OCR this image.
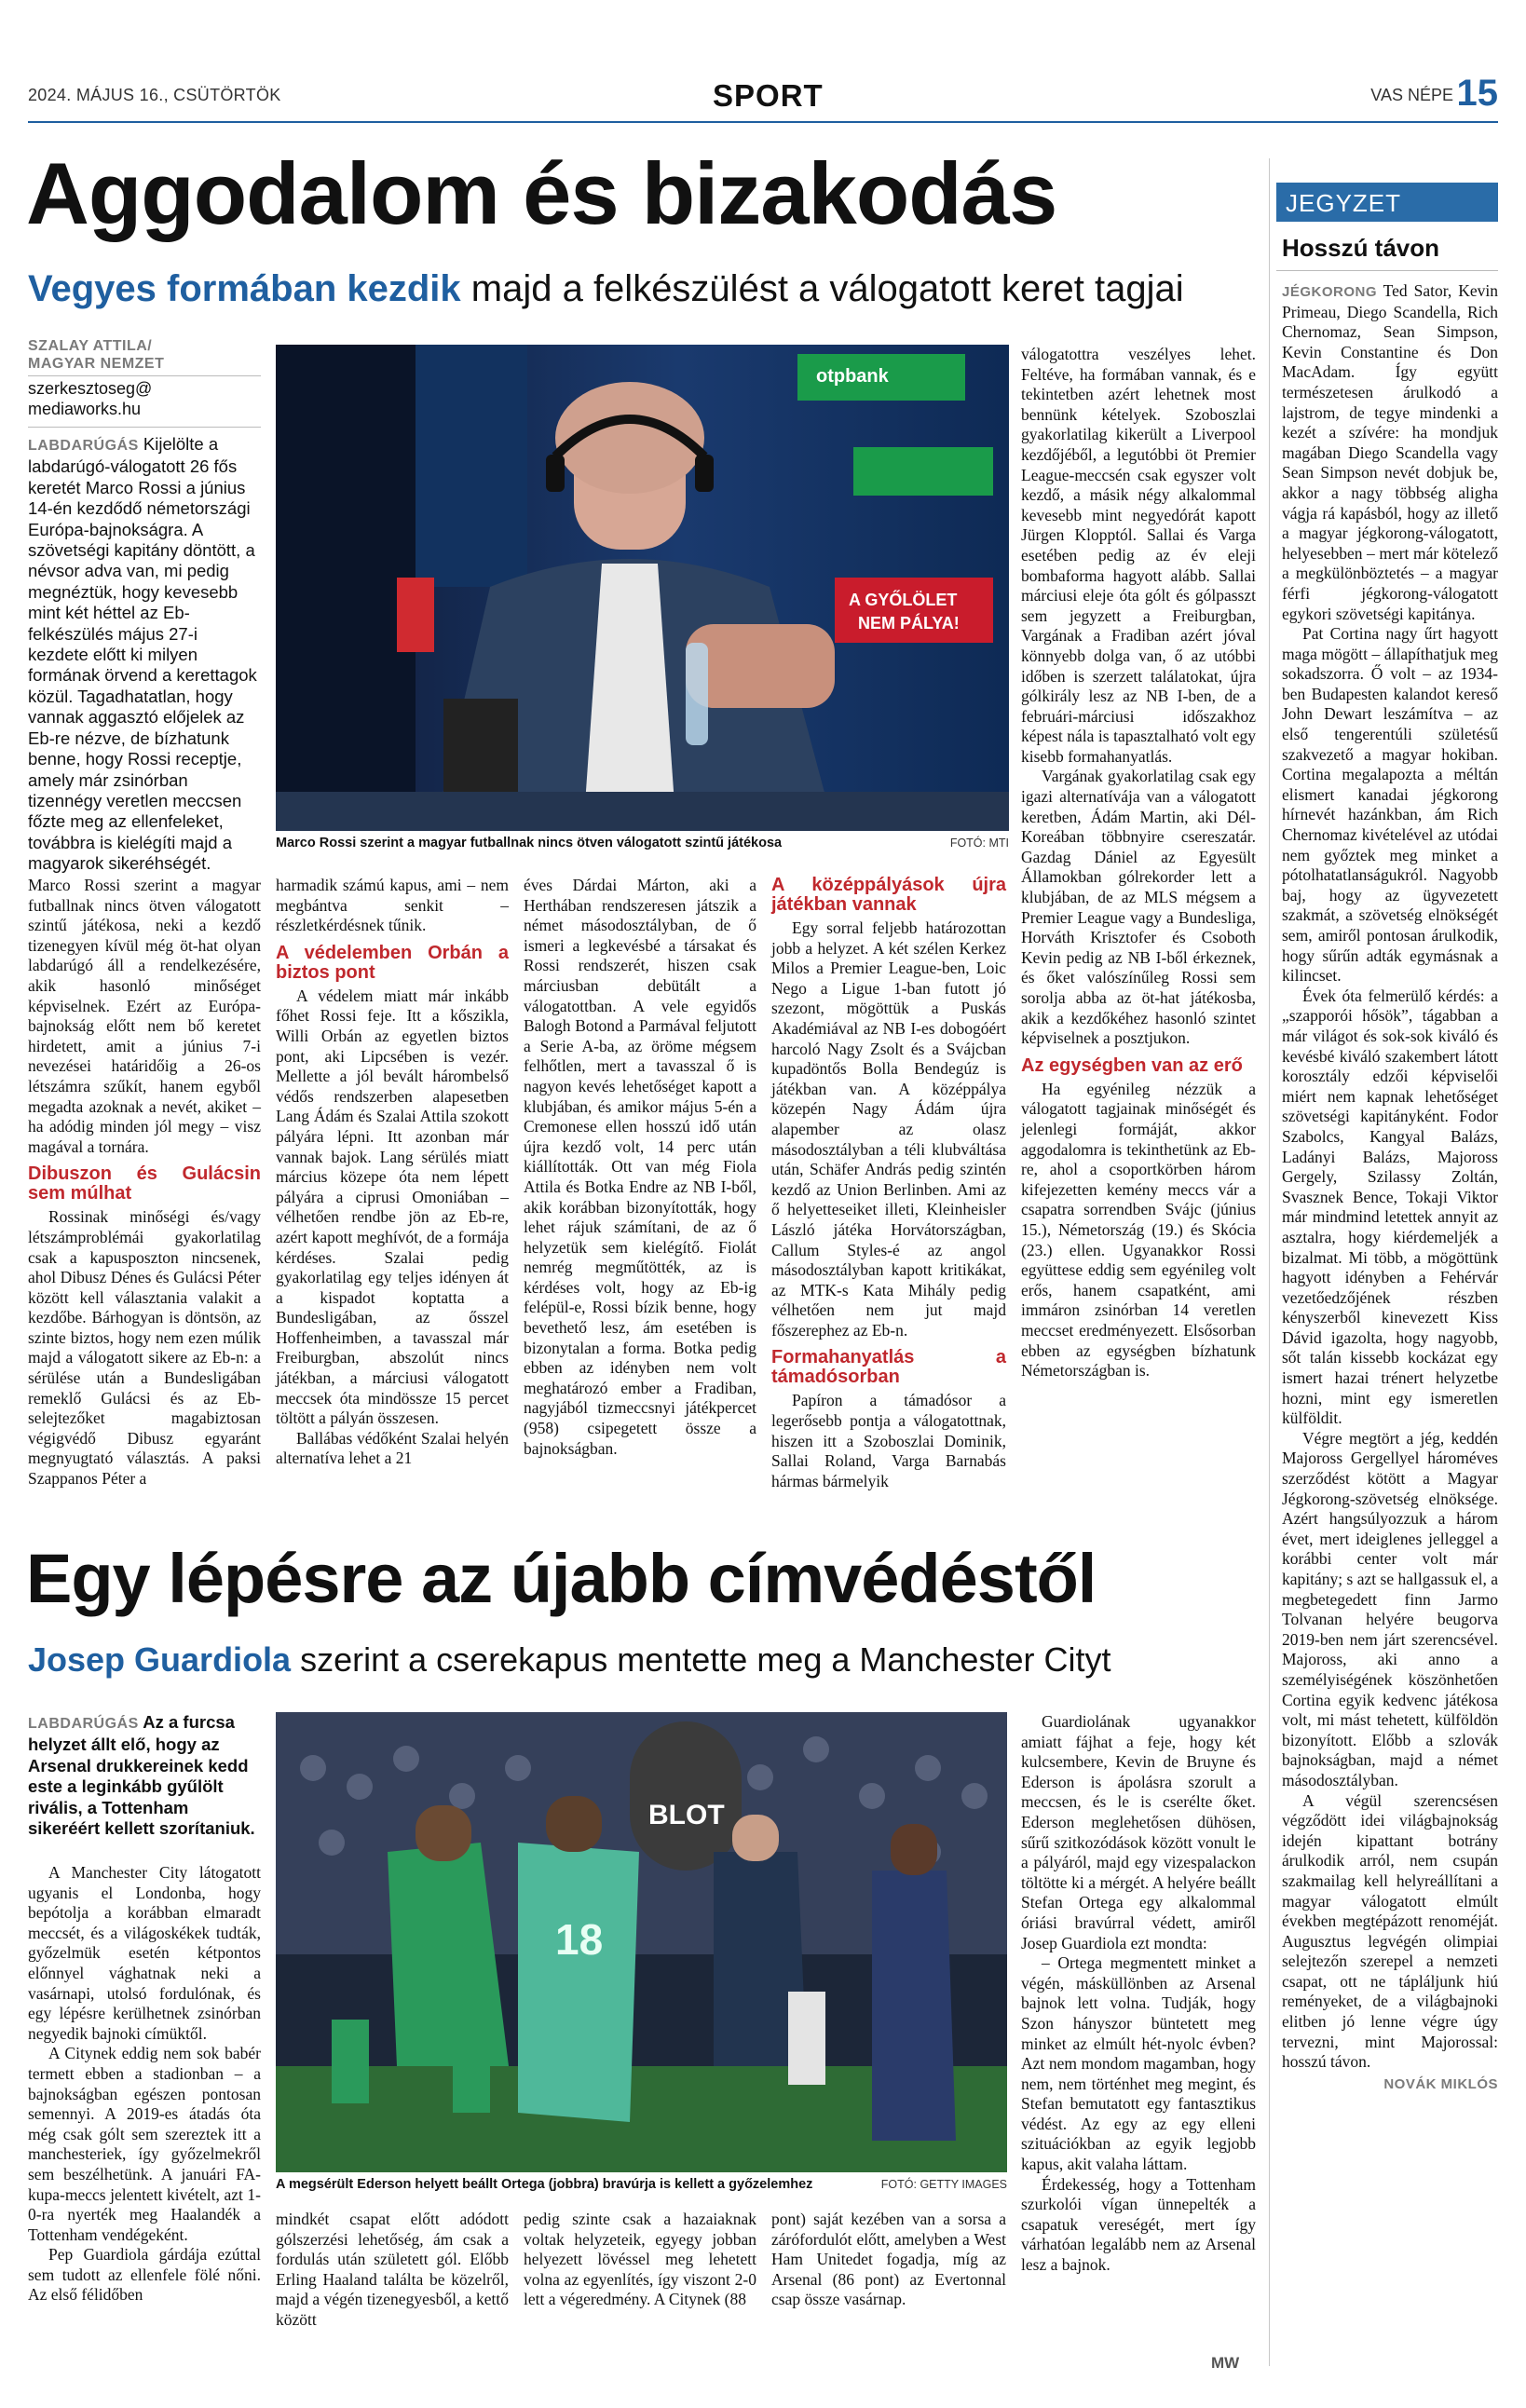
2024. MÁJUS 16., CSÜTÖRTÖK	SPORT	VAS NÉPE 15
Aggodalom és bizakodás
Vegyes formában kezdik majd a felkészülést a válogatott keret tagjai
SZALAY ATTILA/
MAGYAR NEMZET
szerkesztoseg@
mediaworks.hu
LABDARÚGÁS Kijelölte a labdarúgó-válogatott 26 fős keretét Marco Rossi a június 14-én kezdődő németországi Európa-bajnokságra. A szövetségi kapitány döntött, a névsor adva van, mi pedig megnéztük, hogy kevesebb mint két héttel az Eb-felkészülés május 27-i kezdete előtt ki milyen formának örvend a kerettagok közül. Tagadhatatlan, hogy vannak aggasztó előjelek az Eb-re nézve, de bízhatunk benne, hogy Rossi receptje, amely már zsinórban tizennégy veretlen meccsen főzte meg az ellenfeleket, továbbra is kielégíti majd a magyarok sikeréhségét.
otpbank
A GYŐLÖLET
NEM PÁLYA!
Marco Rossi szerint a magyar futballnak nincs ötven válogatott szintű játékosa	FOTÓ: MTI

Marco Rossi szerint a magyar futballnak nincs ötven válogatott szintű játékosa, neki a kezdő tizenegyen kívül még öt-hat olyan labdarúgó áll a rendelkezésére, akik hasonló minőséget képviselnek. Ezért az Európa-bajnokság előtt nem bő keretet hirdetett, amit a június 7-i nevezései határidőig a 26-os létszámra szűkít, hanem egyből megadta azoknak a nevét, akiket – ha adódig minden jól megy – visz magával a tornára.

Dibuszon és Gulácsin sem múlhat

Rossinak minőségi és/vagy létszámproblémái gyakorlatilag csak a kapusposzton nincsenek, ahol Dibusz Dénes és Gulácsi Péter között kell választania valakit a kezdőbe. Bárhogyan is döntsön, az szinte biztos, hogy nem ezen múlik majd a válogatott sikere az Eb-n: a sérülése után a Bundesligában remeklő Gulácsi és az Eb-selejtezőket magabiztosan végigvédő Dibusz egyaránt megnyugtató választás. A paksi Szappanos Péter a

harmadik számú kapus, ami – nem megbántva senkit – részletkérdésnek tűnik.

A védelemben Orbán a biztos pont

A védelem miatt már inkább főhet Rossi feje. Itt a kőszikla, Willi Orbán az egyetlen biztos pont, aki Lipcsében is vezér. Mellette a jól bevált hárombelső védős rendszerben alapesetben Lang Ádám és Szalai Attila szokott pályára lépni. Itt azonban már vannak bajok. Lang sérülés miatt március közepe óta nem lépett pályára a ciprusi Omoniában – vélhetően rendbe jön az Eb-re, azért kapott meghívót, de a formája kérdéses. Szalai pedig gyakorlatilag egy teljes idényen át a kispadot koptatta a Bundesligában, az ősszel Hoffenheimben, a tavasszal már Freiburgban, abszolút nincs játékban, a márciusi válogatott meccsek óta mindössze 15 percet töltött a pályán összesen.

Ballábas védőként Szalai helyén alternatíva lehet a 21

éves Dárdai Márton, aki a Herthában rendszeresen játszik a német másodosztályban, de ő ismeri a legkevésbé a társakat és Rossi rendszerét, hiszen csak márciusban debütált a válogatottban. A vele egyidős Balogh Botond a Parmával feljutott a Serie A-ba, az öröme mégsem felhőtlen, mert a tavasszal ő is nagyon kevés lehetőséget kapott a klubjában, és amikor május 5-én a Cremonese ellen hosszú idő után újra kezdő volt, 14 perc után kiállították. Ott van még Fiola Attila és Botka Endre az NB I-ből, akik korábban bizonyították, hogy lehet rájuk számítani, de az ő helyzetük sem kielégítő. Fiolát nemrég megműtötték, az is kérdéses volt, hogy az Eb-ig felépül-e, Rossi bízik benne, hogy bevethető lesz, ám esetében is bizonytalan a forma. Botka pedig ebben az idényben nem volt meghatározó ember a Fradiban, nagyjából tizmeccsnyi játékpercet (958) csipegetett össze a bajnokságban.

A középpályások újra játékban vannak

Egy sorral feljebb határozottan jobb a helyzet. A két szélen Kerkez Milos a Premier League-ben, Loic Nego a Ligue 1-ban futott jó szezont, mögöttük a Puskás Akadémiával az NB I-es dobogóért harcoló Nagy Zsolt és a Svájcban kupadöntős Bolla Bendegúz is játékban van. A középpálya közepén Nagy Ádám újra alapember az olasz másodosztályban a téli klubváltása után, Schäfer András pedig szintén kezdő az Union Berlinben. Ami az ő helyetteseiket illeti, Kleinheisler László játéka Horvátországban, Callum Styles-é az angol másodosztályban kapott kritikákat, az MTK-s Kata Mihály pedig vélhetően nem jut majd főszerephez az Eb-n.

Formahanyatlás a támadósorban

Papíron a támadósor a legerősebb pontja a válogatottnak, hiszen itt a Szoboszlai Dominik, Sallai Roland, Varga Barnabás hármas bármelyik

válogatottra veszélyes lehet. Feltéve, ha formában vannak, és e tekintetben azért lehetnek most bennünk kételyek. Szoboszlai gyakorlatilag kikerült a Liverpool kezdőjéből, a legutóbbi öt Premier League-meccsén csak egyszer volt kezdő, a másik négy alkalommal kevesebb mint negyedórát kapott Jürgen Klopptól. Sallai és Varga esetében pedig az év eleji bombaforma hagyott alább. Sallai márciusi eleje óta gólt és gólpasszt sem jegyzett a Freiburgban, Vargának a Fradiban azért jóval könnyebb dolga van, ő az utóbbi időben is szerzett találatokat, újra gólkirály lesz az NB I-ben, de a februári-márciusi időszakhoz képest nála is tapasztalható volt egy kisebb formahanyatlás.

Vargának gyakorlatilag csak egy igazi alternatívája van a válogatott keretben, Ádám Martin, aki Dél-Koreában többnyire csereszatár. Gazdag Dániel az Egyesült Államokban gólrekorder lett a klubjában, de az MLS mégsem a Premier League vagy a Bundesliga, Horváth Krisztofer és Csoboth Kevin pedig az NB I-ből érkeznek, és őket valószínűleg Rossi sem sorolja abba az öt-hat játékosba, akik a kezdőkéhez hasonló szintet képviselnek a posztjukon.

Az egységben van az erő

Ha egyénileg nézzük a válogatott tagjainak minőségét és jelenlegi formáját, akkor aggodalomra is tekinthetünk az Eb-re, ahol a csoportkörben három kifejezetten kemény meccs vár a csapatra sorrendben Svájc (június 15.), Németország (19.) és Skócia (23.) ellen. Ugyanakkor Rossi együttese eddig sem egyénileg volt erős, hanem csapatként, ami immáron zsinórban 14 veretlen meccset eredményezett. Elsősorban ebben az egységben bízhatunk Németországban is.

Egy lépésre az újabb címvédéstől
Josep Guardiola szerint a cserekapus mentette meg a Manchester Cityt
LABDARÚGÁS Az a furcsa helyzet állt elő, hogy az Arsenal drukkereinek kedd este a leginkább gyűlölt rivális, a Tottenham sikeréért kellett szorítaniuk.	BLOT
18
A megsérült Ederson helyett beállt Ortega (jobbra) bravúrja is kellett a győzelemhez	FOTÓ: GETTY IMAGES

A Manchester City látogatott ugyanis el Londonba, hogy bepótolja a korábban elmaradt meccsét, és a világoskékek tudták, győzelmük esetén kétpontos előnnyel vághatnak neki a vasárnapi, utolsó fordulónak, és egy lépésre kerülhetnek zsinórban negyedik bajnoki címüktől.

A Citynek eddig nem sok babér termett ebben a stadionban – a bajnokságban egészen pontosan semennyi. A 2019-es átadás óta még csak gólt sem szereztek itt a manchesteriek, így győzelmekről sem beszélhetünk. A januári FA-kupa-meccs jelentett kivételt, azt 1-0-ra nyerték meg Haalandék a Tottenham vendégeként.

Pep Guardiola gárdája ezúttal sem tudott az ellenfele fölé nőni. Az első félidőben

mindkét csapat előtt adódott gólszerzési lehetőség, ám csak a fordulás után született gól. Előbb Erling Haaland találta be közelről, majd a végén tizenegyesből, a kettő között

pedig szinte csak a hazaiaknak voltak helyzeteik, egyegy jobban helyezett lövéssel meg lehetett volna az egyenlítés, így viszont 2-0 lett a végeredmény. A Citynek (88

pont) saját kezében van a sorsa a zárófordulót előtt, amelyben a West Ham Unitedet fogadja, míg az Arsenal (86 pont) az Evertonnal csap össze vasárnap.

Guardiolának ugyanakkor amiatt fájhat a feje, hogy két kulcsembere, Kevin de Bruyne és Ederson is ápolásra szorult a meccsen, és le is cserélte őket. Ederson meglehetősen dühösen, sűrű szitkozódások között vonult le a pályáról, majd egy vizespalackon töltötte ki a mérgét. A helyére beállt Stefan Ortega egy alkalommal óriási bravúrral védett, amiről Josep Guardiola ezt mondta:

– Ortega megmentett minket a végén, másküllönben az Arsenal bajnok lett volna. Tudják, hogy Szon hányszor büntetett meg minket az elmúlt hét-nyolc évben? Azt nem mondom magamban, hogy nem, nem történhet meg megint, és Stefan bemutatott egy fantasztikus védést. Az egy az egy elleni szituációkban az egyik legjobb kapus, akit valaha láttam.

Érdekesség, hogy a Tottenham szurkolói vígan ünnepelték a csapatuk vereségét, mert így várhatóan legalább nem az Arsenal lesz a bajnok.

MW
JEGYZET
Hosszú távon

JÉGKORONG Ted Sator, Kevin Primeau, Diego Scandella, Rich Chernomaz, Sean Simpson, Kevin Constantine és Don MacAdam. Így együtt természetesen árulkodó a lajstrom, de tegye mindenki a kezét a szívére: ha mondjuk magában Diego Scandella vagy Sean Simpson nevét dobjuk be, akkor a nagy többség aligha vágja rá kapásból, hogy az illető a magyar jégkorong-válogatott, helyesebben – mert már kötelező a megkülönböztetés – a magyar férfi jégkorong-válogatott egykori szövetségi kapitánya.

Pat Cortina nagy űrt hagyott maga mögött – állapíthatjuk meg sokadszorra. Ő volt – az 1934-ben Budapesten kalandot kereső John Dewart leszámítva – az első tengerentúli születésű szakvezető a magyar hokiban. Cortina megalapozta a méltán elismert kanadai jégkorong hírnevét hazánkban, ám Rich Chernomaz kivételével az utódai nem győztek meg minket a pótolhatatlanságukról. Nagyobb baj, hogy az ügyvezetett szakmát, a szövetség elnökségét sem, amiről pontosan árulkodik, hogy sűrűn adták egymásnak a kilincset.

Évek óta felmerülő kérdés: a „szapporói hősök”, tágabban a már világot és sok-sok kiváló és kevésbé kiváló szakembert látott korosztály edzői képviselői miért nem kapnak lehetőséget szövetségi kapitányként. Fodor Szabolcs, Kangyal Balázs, Ladányi Balázs, Majoross Gergely, Szilassy Zoltán, Svasznek Bence, Tokaji Viktor már mindmind letettek annyit az asztalra, hogy kiérdemeljék a bizalmat. Mi több, a mögöttünk hagyott idényben a Fehérvár vezetőedzőjének részben kényszerből kinevezett Kiss Dávid igazolta, hogy nagyobb, sőt talán kissebb kockázat egy ismert hazai trénert helyzetbe hozni, mint egy ismeretlen külföldit.

Végre megtört a jég, keddén Majoross Gergellyel hároméves szerződést kötött a Magyar Jégkorong-szövetség elnöksége. Azért hangsúlyozzuk a három évet, mert ideiglenes jelleggel a korábbi center volt már kapitány; s azt se hallgassuk el, a megbetegedett finn Jarmo Tolvanan helyére beugorva 2019-ben nem járt szerencsével. Majoross, aki anno a személyiségének köszönhetően Cortina egyik kedvenc játékosa volt, mi mást tehetett, külföldön bizonyított. Előbb a szlovák bajnokságban, majd a német másodosztályban.

A végül szerencsésen végződött idei világbajnokság idején kipattant botrány árulkodik arról, nem csupán szakmailag kell helyreállítani a magyar válogatott elmúlt években megtépázott renoméját. Augusztus legvégén olimpiai selejtezőn szerepel a nemzeti csapat, ott ne tápláljunk hiú reményeket, de a világbajnoki elitben jó lenne végre úgy tervezni, mint Majorossal: hosszú távon.

NOVÁK MIKLÓS
